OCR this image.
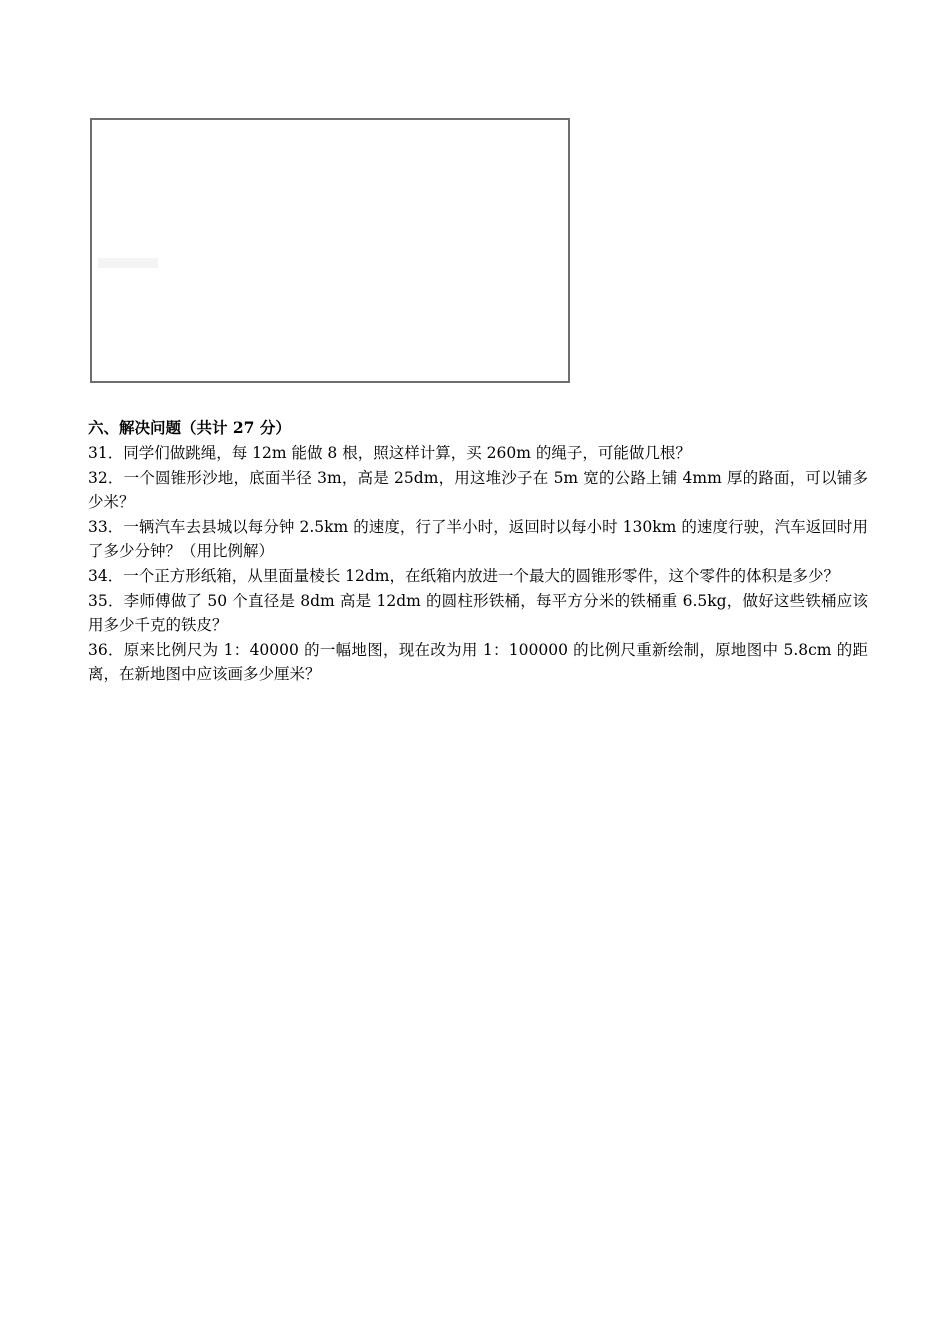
六、解决问题（共计 27 分）

31．同学们做跳绳，每 12m 能做 8 根，照这样计算，买 260m 的绳子，可能做几根？

32．一个圆锥形沙地，底面半径 3m，高是 25dm，用这堆沙子在 5m 宽的公路上铺 4mm 厚的路面，可以铺多少米？

33．一辆汽车去县城以每分钟 2.5km 的速度，行了半小时，返回时以每小时 130km 的速度行驶，汽车返回时用了多少分钟？（用比例解）

34．一个正方形纸箱，从里面量棱长 12dm，在纸箱内放进一个最大的圆锥形零件，这个零件的体积是多少？

35．李师傅做了 50 个直径是 8dm 高是 12dm 的圆柱形铁桶，每平方分米的铁桶重 6.5kg，做好这些铁桶应该用多少千克的铁皮？

36．原来比例尺为 1：40000 的一幅地图，现在改为用 1：100000 的比例尺重新绘制，原地图中 5.8cm 的距离，在新地图中应该画多少厘米？
